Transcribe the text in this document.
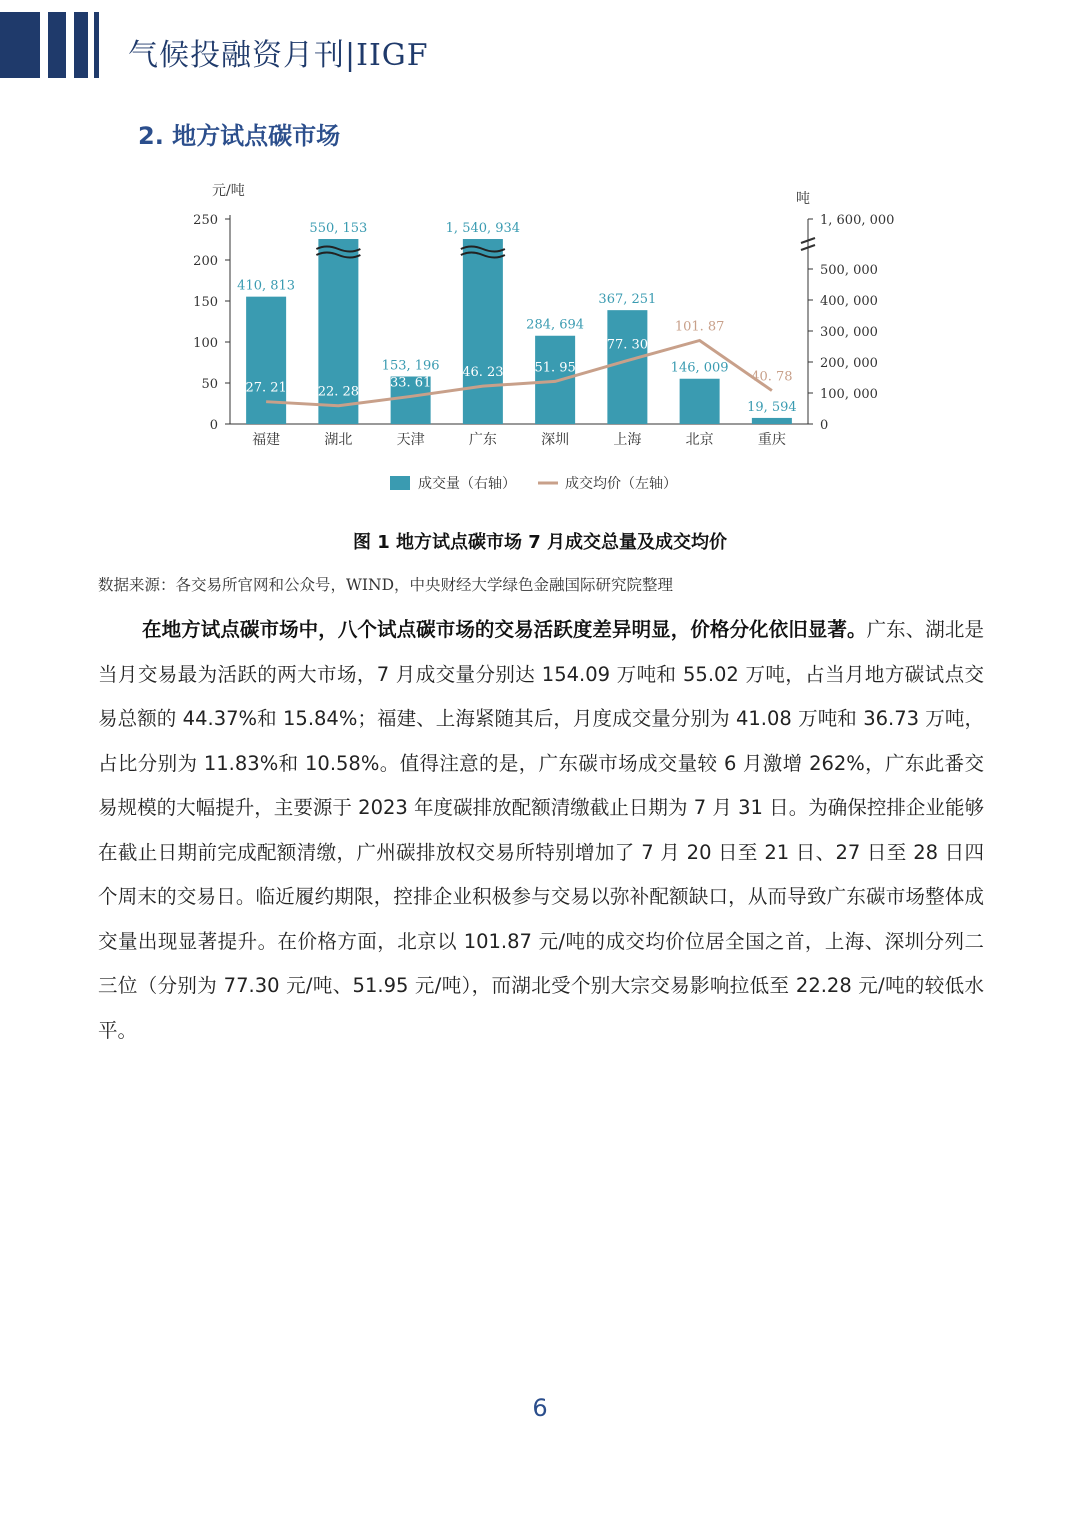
气候投融资月刊|IIGF
2. 地方试点碳市场
元/吨	吨
0
50
100
150
200
250
0
100, 000
200, 000
300, 000
400, 000
500, 000
1, 600, 000
410, 813
550, 153
153, 196
1, 540, 934
284, 694
367, 251
146, 009
19, 594
27. 21 22. 28
33. 61
46. 23 51. 95
77. 30
101. 87
40. 78
福建	湖北	天津	广东	深圳	上海	北京	重庆
成交量（右轴）	成交均价（左轴）
图 1 地方试点碳市场 7 月成交总量及成交均价
数据来源：各交易所官网和公众号，WIND，中央财经大学绿色金融国际研究院整理

在地方试点碳市场中，八个试点碳市场的交易活跃度差异明显，价格分化依旧显著。广东、湖北是当月交易最为活跃的两大市场，7 月成交量分别达 154.09 万吨和 55.02 万吨，占当月地方碳试点交易总额的 44.37%和 15.84%；福建、上海紧随其后，月度成交量分别为 41.08 万吨和 36.73 万吨，占比分别为 11.83%和 10.58%。值得注意的是，广东碳市场成交量较 6 月激增 262%，广东此番交易规模的大幅提升，主要源于 2023 年度碳排放配额清缴截止日期为 7 月 31 日。为确保控排企业能够在截止日期前完成配额清缴，广州碳排放权交易所特别增加了 7 月 20 日至 21 日、27 日至 28 日四个周末的交易日。临近履约期限，控排企业积极参与交易以弥补配额缺口，从而导致广东碳市场整体成交量出现显著提升。在价格方面，北京以 101.87 元/吨的成交均价位居全国之首，上海、深圳分列二三位（分别为 77.30 元/吨、51.95 元/吨），而湖北受个别大宗交易影响拉低至 22.28 元/吨的较低水平。

6
